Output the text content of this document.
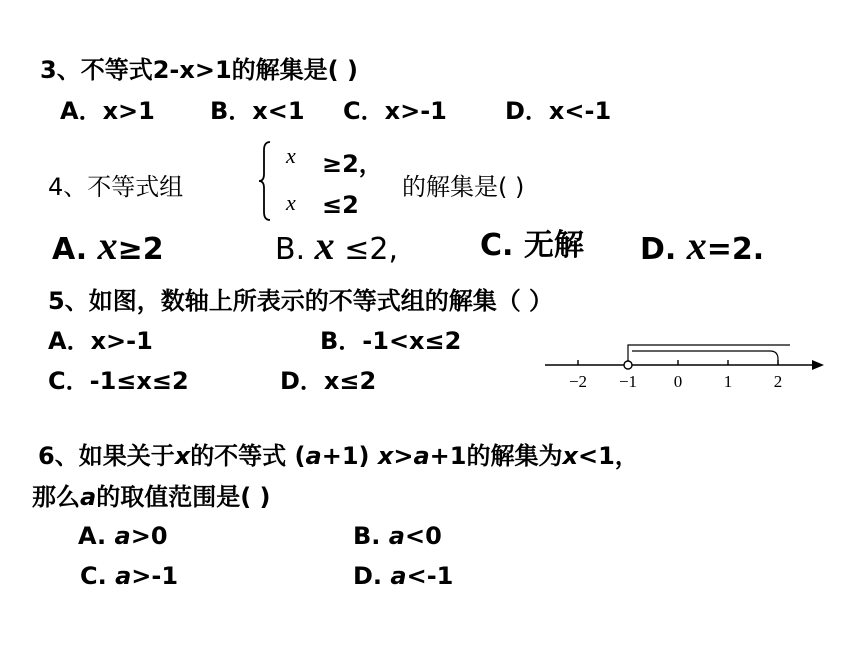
3、不等式2-x>1的解集是( )
A．x>1 B．x<1 C．x>-1 D．x<-1
4、不等式组
x ≥2，
x ≤2
的解集是( )
A. x≥2	B. x ≤2,	C. 无解 D. x=2.
5、如图，数轴上所表示的不等式组的解集（ ）
A．x>-1	B．-1<x≤2
C．-1≤x≤2	D．x≤2	−2 −1 0 1 2
6、如果关于x的不等式 (a+1) x>a+1的解集为x<1，
那么a的取值范围是( )
A. a>0	B. a<0
C. a>-1	D. a<-1
